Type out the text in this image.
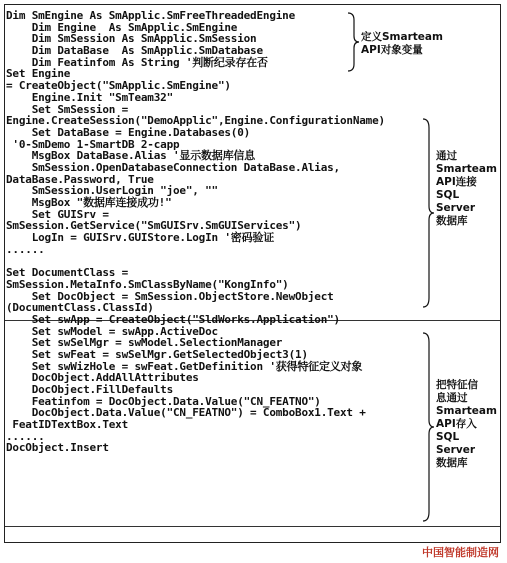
Dim SmEngine As SmApplic.SmFreeThreadedEngine
Dim Engine  As SmApplic.SmEngine
Dim SmSession As SmApplic.SmSession
Dim DataBase  As SmApplic.SmDatabase
Dim Featinfom As String '判断纪录存在否
Set Engine
= CreateObject("SmApplic.SmEngine")
Engine.Init "SmTeam32"
Set SmSession =
Engine.CreateSession("DemoApplic",Engine.ConfigurationName)
Set DataBase = Engine.Databases(0)
'0-SmDemo 1-SmartDB 2-capp
MsgBox DataBase.Alias '显示数据库信息
SmSession.OpenDatabaseConnection DataBase.Alias,
DataBase.Password, True
SmSession.UserLogin "joe", ""
MsgBox "数据库连接成功!"
Set GUISrv =
SmSession.GetService("SmGUISrv.SmGUIServices")
LogIn = GUISrv.GUIStore.LogIn '密码验证
......
Set DocumentClass =
SmSession.MetaInfo.SmClassByName("KongInfo")
Set DocObject = SmSession.ObjectStore.NewObject
(DocumentClass.ClassId)
Set swApp = CreateObject("SldWorks.Application")
Set swModel = swApp.ActiveDoc
Set swSelMgr = swModel.SelectionManager
Set swFeat = swSelMgr.GetSelectedObject3(1)
Set swWizHole = swFeat.GetDefinition '获得特征定义对象
DocObject.AddAllAttributes
DocObject.FillDefaults
Featinfom = DocObject.Data.Value("CN_FEATNO")
DocObject.Data.Value("CN_FEATNO") = ComboBox1.Text +
FeatIDTextBox.Text
......
DocObject.Insert
定义Smarteam
API对象变量
通过
Smarteam
API连接
SQL
Server
数据库
把特征信
息通过
Smarteam
API存入
SQL
Server
数据库
中国智能制造网
